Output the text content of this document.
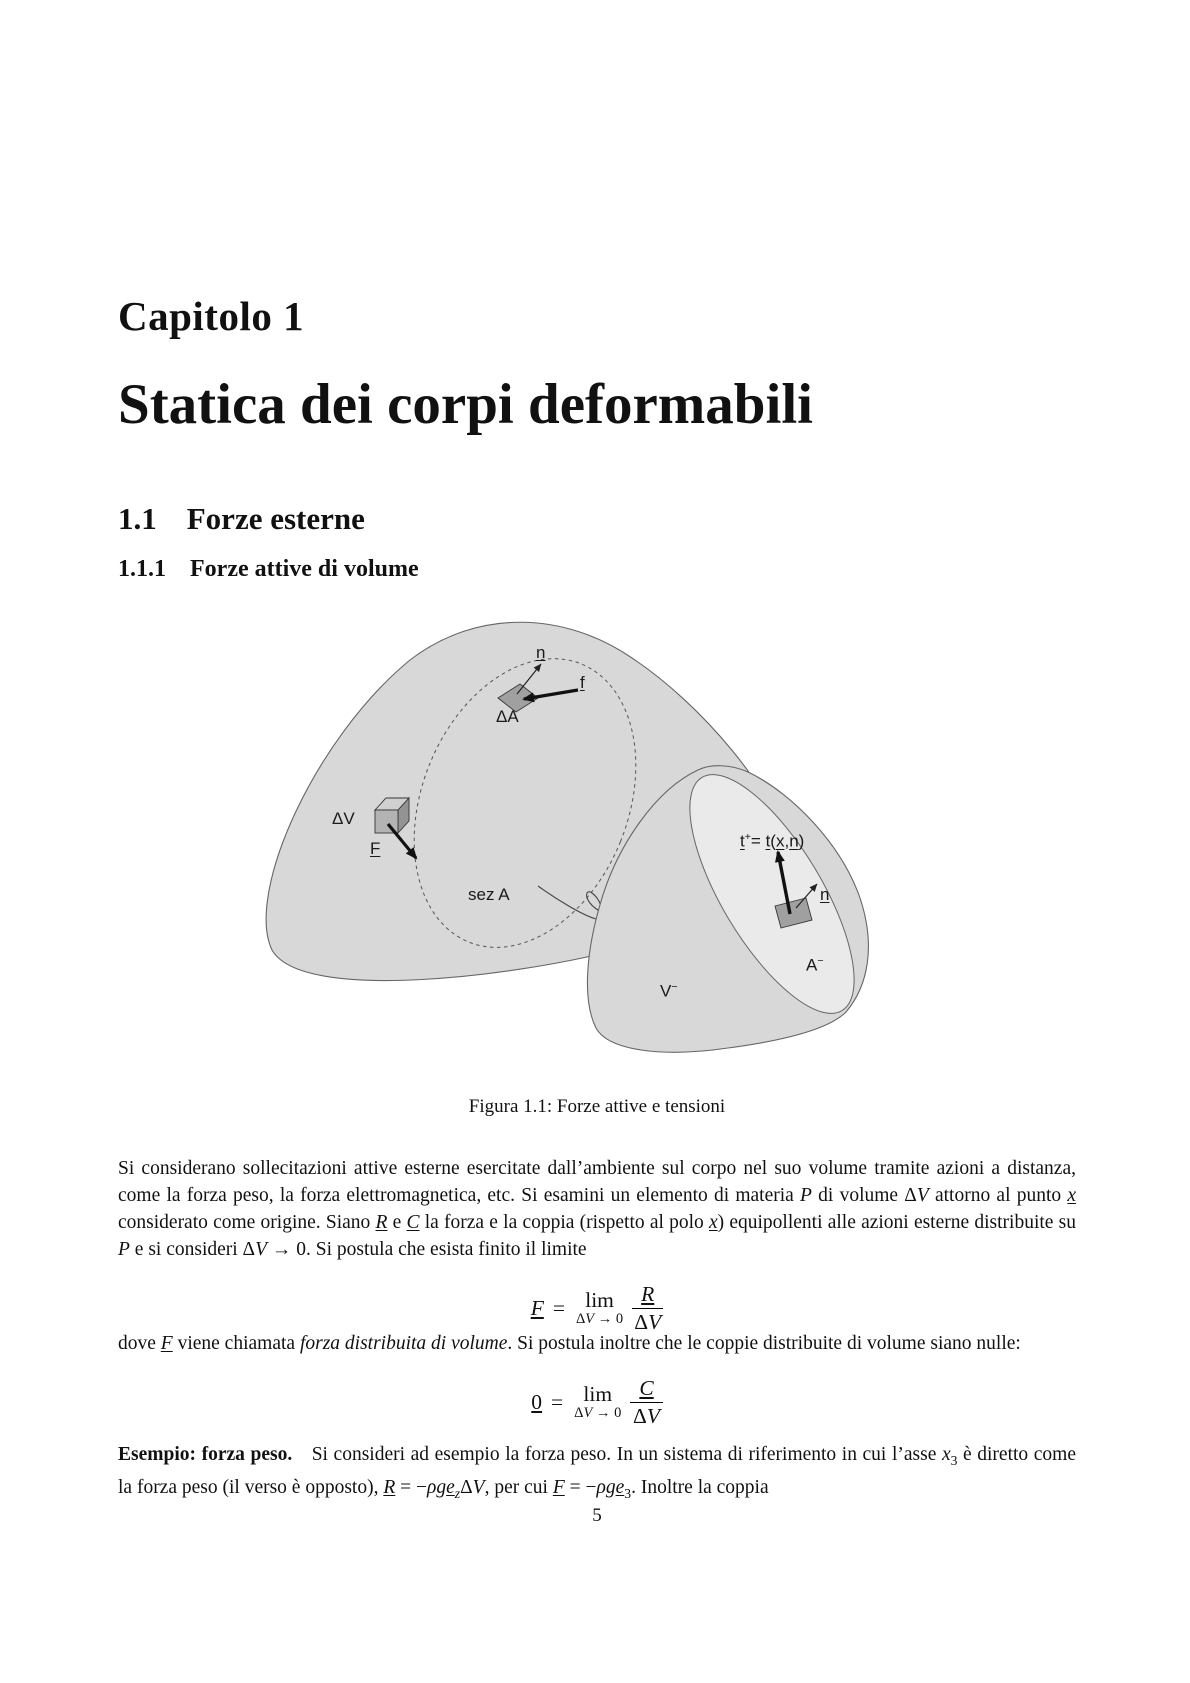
Capitolo 1
Statica dei corpi deformabili
1.1 Forze esterne
1.1.1 Forze attive di volume
n
f
ΔA
ΔV
F
sez A
t+= t(x,n)
n
A−
V−
Figura 1.1: Forze attive e tensioni
Si considerano sollecitazioni attive esterne esercitate dall’ambiente sul corpo nel suo volume tramite azioni a distanza, come la forza peso, la forza elettromagnetica, etc. Si esamini un elemento di materia P di volume ΔV attorno al punto x considerato come origine. Siano R e C la forza e la coppia (rispetto al polo x) equipollenti alle azioni esterne distribuite su P e si consideri ΔV → 0. Si postula che esista finito il limite
F = lim
$\Delta V \to 0 \frac{R}{\Delta V}$
dove F viene chiamata forza distribuita di volume. Si postula inoltre che le coppie distribuite di volume siano nulle:
0 = lim
$\Delta V \to 0 \frac{C}{\Delta V}$
Esempio: forza peso.  Si consideri ad esempio la forza peso. In un sistema di riferimento in cui l’asse $x_3$ è diretto come la forza peso (il verso è opposto), R = −ρge$_z$ΔV, per cui F = −ρge$_3$. Inoltre la coppia
5
